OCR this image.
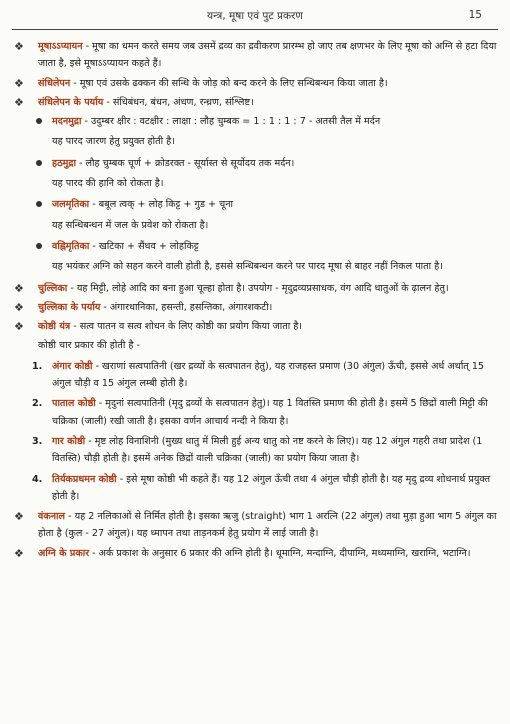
यन्त्र, मूषा एवं पुट प्रकरण	15
❖ मूषाऽऽप्यायन - मूषा का धमन करते समय जब उसमें द्रव्य का द्रवीकरण प्रारम्भ हो जाए तब क्षणभर के लिए मूषा को अग्नि से हटा दिया जाता है, इसे मूषाऽऽप्यायन कहते हैं।
❖ संधिलेपन - मूषा एवं उसके ढक्कन की सन्धि के जोड़ को बन्द करने के लिए सन्धिबन्धन किया जाता है।
❖ संधिलेपन के पर्याय - संधिबंधन, बंधन, अंधण, रन्ध्रण, संश्लिष्ट।
मदनमुद्रा - उदुम्बर क्षीर : वटक्षीर : लाक्षा : लौह चुम्बक = 1 : 1 : 1 : 7 - अतसी तैल में मर्दन
यह पारद जारण हेतु प्रयुक्त होती है।
हठमुद्रा - लौह चुम्बक चूर्ण + क्रोडरक्त - सूर्यास्त से सूर्योदय तक मर्दन।
यह पारद की हानि को रोकता है।
जलमृतिका - बबूल त्वक् + लोह किट्ट + गुड + चूना
यह सन्धिबन्धन में जल के प्रवेश को रोकता है।
वह्निमृतिका - खटिका + सैंधव + लोहकिट्ट
यह भयंकर अग्नि को सहन करने वाली होती है, इससे सन्धिबन्धन करने पर पारद मूषा से बाहर नहीं निकल पाता है।
❖ चुल्लिका - यह मिट्टी, लोहे आदि का बना हुआ चूल्हा होता है। उपयोग - मृदुद्रव्यप्रसाधक, वंग आदि धातुओं के ढ़ालन हेतु।
❖ चुल्लिका के पर्याय - अंगारधानिका, हसन्ती, हसन्तिका, अंगारशकटी।
❖ कोष्ठी यंत्र - सत्व पातन व सत्व शोधन के लिए कोष्ठी का प्रयोग किया जाता है।
कोष्ठी चार प्रकार की होती है -
1. अंगार कोष्ठी - खराणां सत्वपातिनी (खर द्रव्यों के सत्वपातन हेतु), यह राजहस्त प्रमाण (30 अंगुल) ऊँची, इससे अर्ध अर्थात् 15 अंगुल चौड़ी व 15 अंगुल लम्बी होती है।
2. पाताल कोष्ठी - मृदुनां सत्वपातिनी (मृदु द्रव्यों के सत्वपातन हेतु)। यह 1 वितस्ति प्रमाण की होती है। इसमें 5 छिद्रों वाली मिट्टी की चक्रिका (जाली) रखी जाती है। इसका वर्णन आचार्य नन्दी ने किया है।
3. गार कोष्ठी - मृष्ट लोह विनाशिनी (मुख्य धातु में मिली हुई अन्य धातु को नष्ट करने के लिए)। यह 12 अंगुल गहरी तथा प्रादेश (1 वितस्ति) चौड़ी होती है। इसमें अनेक छिद्रों वाली चक्रिका (जाली) का प्रयोग किया जाता है।
4. तिर्यकप्रधमन कोष्ठी - इसे मूषा कोष्ठी भी कहते हैं। यह 12 अंगुल ऊँची तथा 4 अंगुल चौड़ी होती है। यह मृदु द्रव्य शोधनार्थ प्रयुक्त होती है।
❖ वंकनाल - यह 2 नलिकाओं से निर्मित होती है। इसका ऋजु (straight) भाग 1 अरत्नि (22 अंगुल) तथा मुड़ा हुआ भाग 5 अंगुल का होता है (कुल - 27 अंगुल)। यह ध्मापन तथा ताड़नकर्म हेतु प्रयोग में लाई जाती है।
❖ अग्नि के प्रकार - अर्क प्रकाश के अनुसार 6 प्रकार की अग्नि होती है। धूमाग्नि, मन्दाग्नि, दीपाग्नि, मध्यमाग्नि, खराग्नि, भटाग्नि।
